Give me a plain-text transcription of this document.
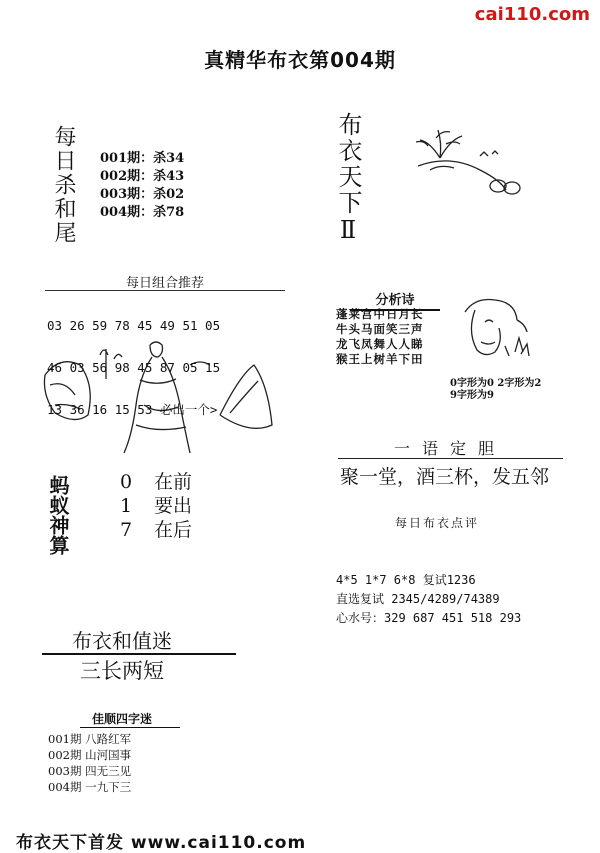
cai110.com
真精华布衣第004期
每日杀和尾 001期：杀34
002期：杀43
003期：杀02
004期：杀78	布衣天下Ⅱ
每日组合推荐

03 26 59 78 45 49 51 05

46 03 56 98 45 87 05 15

13 36 16 15 53 必出一个>

蚂蚁神算	0 在前
1 要出
7 在后
分析诗
蓬莱宫中日月长
牛头马面笑三声
龙飞凤舞人人睇
猴王上树羊下田
0字形为0 2字形为2
9字形为9
一语定胆
聚一堂，酒三杯，发五邻
每日布衣点评
4*5 1*7 6*8 复试1236
直选复试 2345/4289/74389
心水号：329 687 451 518 293
布衣和值迷
三长两短
佳顺四字迷
001期 八路红军
002期 山河国事
003期 四无三见
004期 一九下三
布衣天下首发 www.cai110.com
